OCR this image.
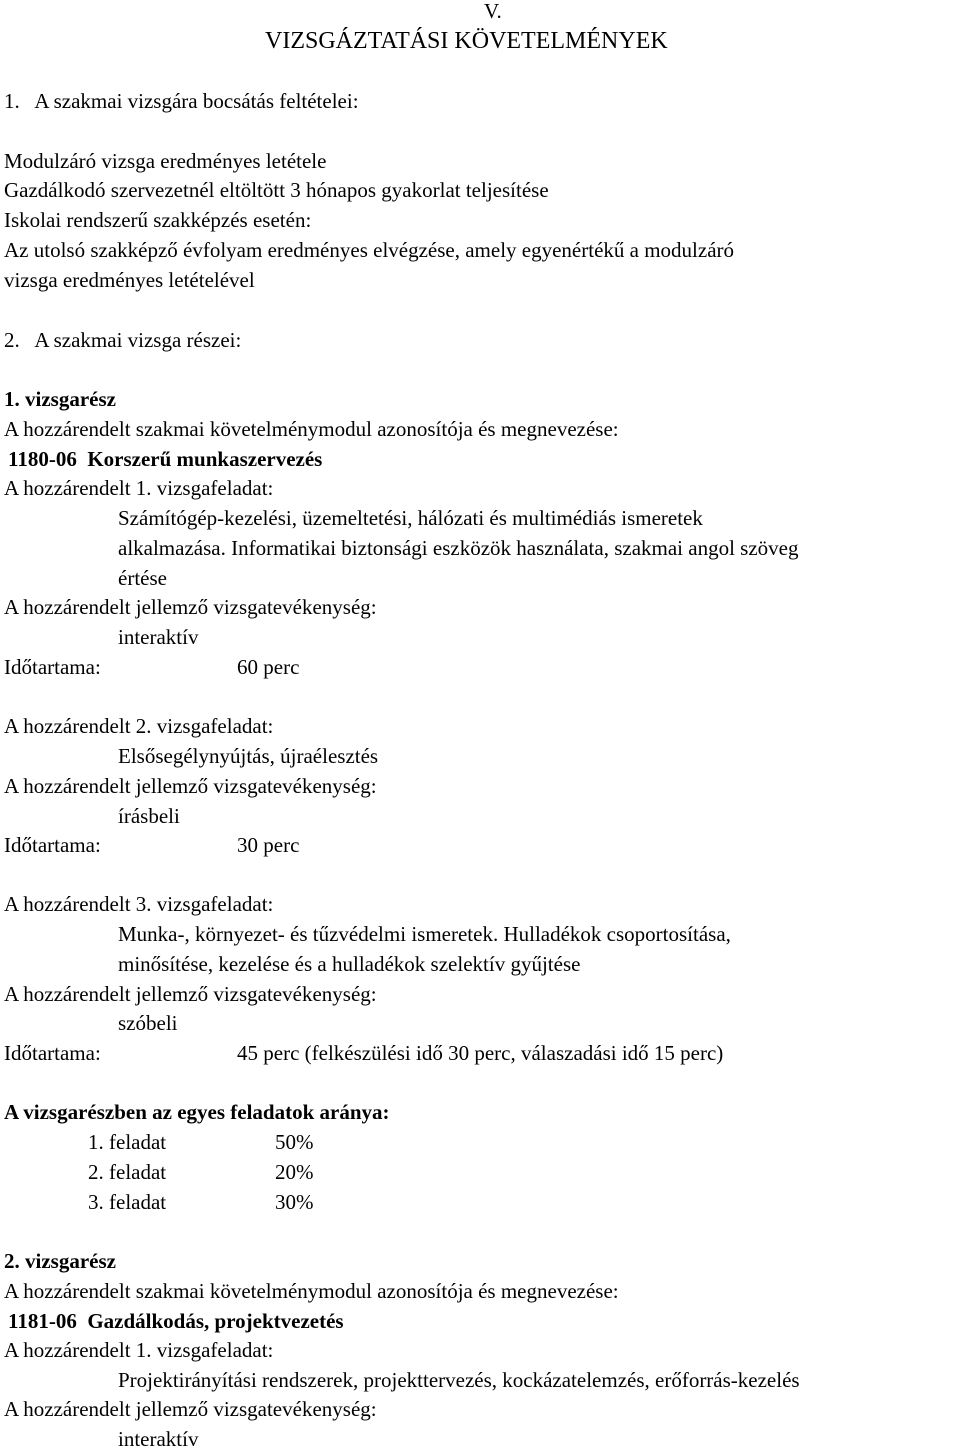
V.
VIZSGÁZTATÁSI KÖVETELMÉNYEK
1.   A szakmai vizsgára bocsátás feltételei:
Modulzáró vizsga eredményes letétele
Gazdálkodó szervezetnél eltöltött 3 hónapos gyakorlat teljesítése
Iskolai rendszerű szakképzés esetén:
Az utolsó szakképző évfolyam eredményes elvégzése, amely egyenértékű a modulzáró
vizsga eredményes letételével
2.   A szakmai vizsga részei:
1. vizsgarész
A hozzárendelt szakmai követelménymodul azonosítója és megnevezése:
1180-06  Korszerű munkaszervezés
A hozzárendelt 1. vizsgafeladat:
Számítógép-kezelési, üzemeltetési, hálózati és multimédiás ismeretek
alkalmazása. Informatikai biztonsági eszközök használata, szakmai angol szöveg
értése
A hozzárendelt jellemző vizsgatevékenység:
interaktív
Időtartama:	60 perc
A hozzárendelt 2. vizsgafeladat:
Elsősegélynyújtás, újraélesztés
A hozzárendelt jellemző vizsgatevékenység:
írásbeli
Időtartama:	30 perc
A hozzárendelt 3. vizsgafeladat:
Munka-, környezet- és tűzvédelmi ismeretek. Hulladékok csoportosítása,
minősítése, kezelése és a hulladékok szelektív gyűjtése
A hozzárendelt jellemző vizsgatevékenység:
szóbeli
Időtartama:	45 perc (felkészülési idő 30 perc, válaszadási idő 15 perc)
A vizsgarészben az egyes feladatok aránya:
1. feladat	50%
2. feladat	20%
3. feladat	30%
2. vizsgarész
A hozzárendelt szakmai követelménymodul azonosítója és megnevezése:
1181-06  Gazdálkodás, projektvezetés
A hozzárendelt 1. vizsgafeladat:
Projektirányítási rendszerek, projekttervezés, kockázatelemzés, erőforrás-kezelés
A hozzárendelt jellemző vizsgatevékenység:
interaktív
